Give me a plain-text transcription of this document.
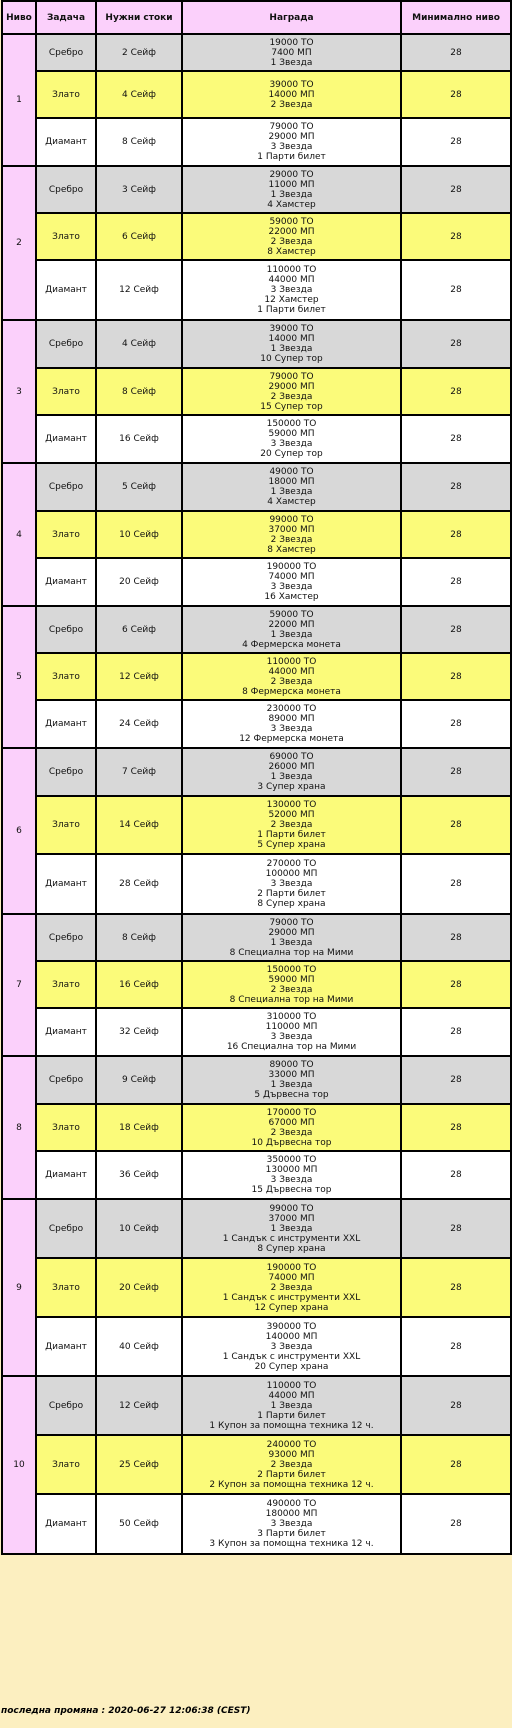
Ниво	Задача	Нужни стоки	Награда	Минимално ниво
1	Сребро	2 Сейф	19000 ТО
7400 МП
1 Звезда	28
	Злато	4 Сейф	39000 ТО
14000 МП
2 Звезда	28
	Диамант	8 Сейф	79000 ТО
29000 МП
3 Звезда
1 Парти билет	28
2	Сребро	3 Сейф	29000 ТО
11000 МП
1 Звезда
4 Хамстер	28
	Злато	6 Сейф	59000 ТО
22000 МП
2 Звезда
8 Хамстер	28
	Диамант	12 Сейф	110000 ТО
44000 МП
3 Звезда
12 Хамстер
1 Парти билет	28
3	Сребро	4 Сейф	39000 ТО
14000 МП
1 Звезда
10 Супер тор	28
	Злато	8 Сейф	79000 ТО
29000 МП
2 Звезда
15 Супер тор	28
	Диамант	16 Сейф	150000 ТО
59000 МП
3 Звезда
20 Супер тор	28
4	Сребро	5 Сейф	49000 ТО
18000 МП
1 Звезда
4 Хамстер	28
	Злато	10 Сейф	99000 ТО
37000 МП
2 Звезда
8 Хамстер	28
	Диамант	20 Сейф	190000 ТО
74000 МП
3 Звезда
16 Хамстер	28
5	Сребро	6 Сейф	59000 ТО
22000 МП
1 Звезда
4 Фермерска монета	28
	Злато	12 Сейф	110000 ТО
44000 МП
2 Звезда
8 Фермерска монета	28
	Диамант	24 Сейф	230000 ТО
89000 МП
3 Звезда
12 Фермерска монета	28
6	Сребро	7 Сейф	69000 ТО
26000 МП
1 Звезда
3 Супер храна	28
	Злато	14 Сейф	130000 ТО
52000 МП
2 Звезда
1 Парти билет
5 Супер храна	28
	Диамант	28 Сейф	270000 ТО
100000 МП
3 Звезда
2 Парти билет
8 Супер храна	28
7	Сребро	8 Сейф	79000 ТО
29000 МП
1 Звезда
8 Специална тор на Мими	28
	Злато	16 Сейф	150000 ТО
59000 МП
2 Звезда
8 Специална тор на Мими	28
	Диамант	32 Сейф	310000 ТО
110000 МП
3 Звезда
16 Специална тор на Мими	28
8	Сребро	9 Сейф	89000 ТО
33000 МП
1 Звезда
5 Дървесна тор	28
	Злато	18 Сейф	170000 ТО
67000 МП
2 Звезда
10 Дървесна тор	28
	Диамант	36 Сейф	350000 ТО
130000 МП
3 Звезда
15 Дървесна тор	28
9	Сребро	10 Сейф	99000 ТО
37000 МП
1 Звезда
1 Сандък с инструменти XXL
8 Супер храна	28
	Злато	20 Сейф	190000 ТО
74000 МП
2 Звезда
1 Сандък с инструменти XXL
12 Супер храна	28
	Диамант	40 Сейф	390000 ТО
140000 МП
3 Звезда
1 Сандък с инструменти XXL
20 Супер храна	28
10	Сребро	12 Сейф	110000 ТО
44000 МП
1 Звезда
1 Парти билет
1 Купон за помощна техника 12 ч.	28
	Злато	25 Сейф	240000 ТО
93000 МП
2 Звезда
2 Парти билет
2 Купон за помощна техника 12 ч.	28
	Диамант	50 Сейф	490000 ТО
180000 МП
3 Звезда
3 Парти билет
3 Купон за помощна техника 12 ч.	28
последна промяна : 2020-06-27 12:06:38 (CEST)
